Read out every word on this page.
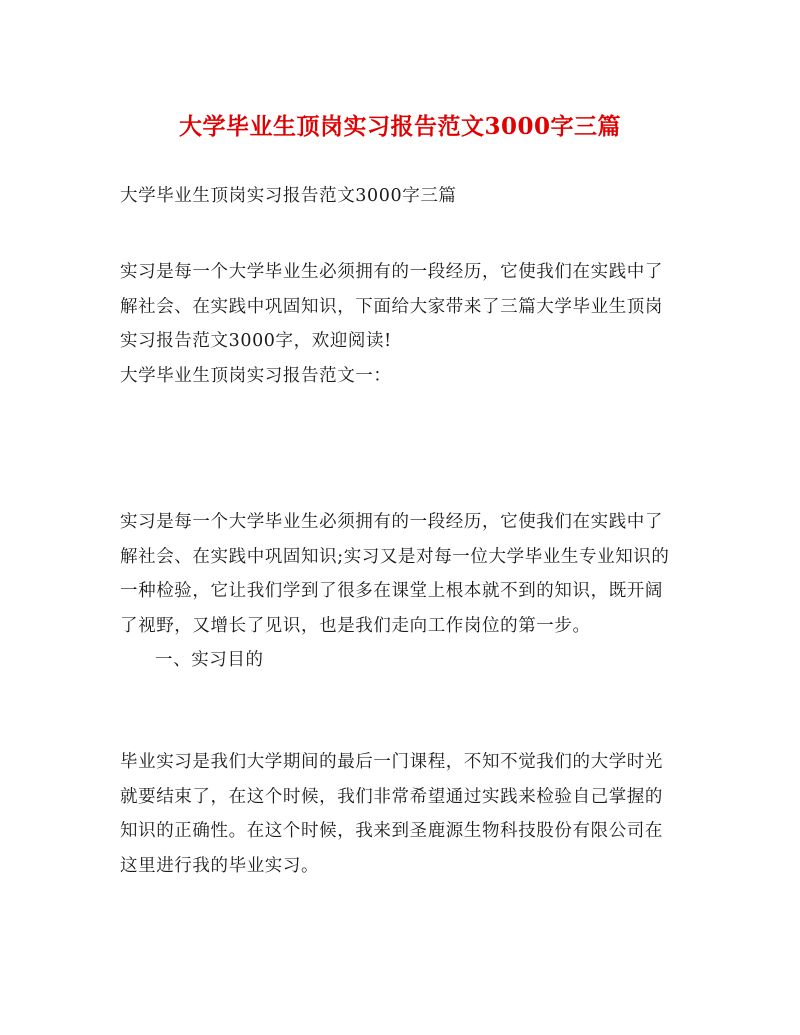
大学毕业生顶岗实习报告范文3000字三篇
大学毕业生顶岗实习报告范文3000字三篇
实习是每一个大学毕业生必须拥有的一段经历，它使我们在实践中了
解社会、在实践中巩固知识，下面给大家带来了三篇大学毕业生顶岗
实习报告范文3000字，欢迎阅读!
大学毕业生顶岗实习报告范文一：
实习是每一个大学毕业生必须拥有的一段经历，它使我们在实践中了
解社会、在实践中巩固知识;实习又是对每一位大学毕业生专业知识的
一种检验，它让我们学到了很多在课堂上根本就不到的知识，既开阔
了视野，又增长了见识，也是我们走向工作岗位的第一步。
一、实习目的
毕业实习是我们大学期间的最后一门课程，不知不觉我们的大学时光
就要结束了，在这个时候，我们非常希望通过实践来检验自己掌握的
知识的正确性。在这个时候，我来到圣鹿源生物科技股份有限公司在
这里进行我的毕业实习。
